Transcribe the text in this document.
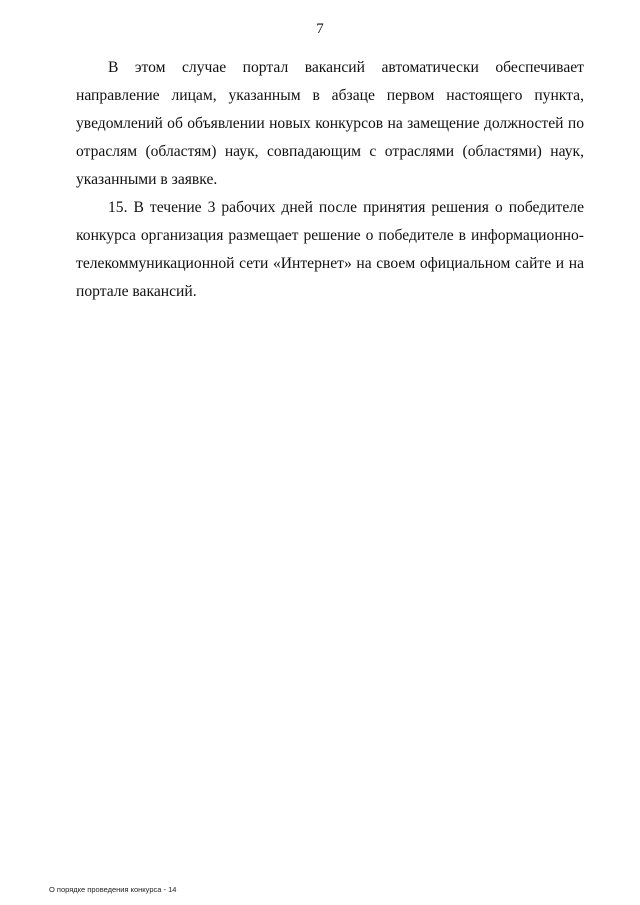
7

В этом случае портал вакансий автоматически обеспечивает направление лицам, указанным в абзаце первом настоящего пункта, уведомлений об объявлении новых конкурсов на замещение должностей по отраслям (областям) наук, совпадающим с отраслями (областями) наук, указанными в заявке.

15. В течение 3 рабочих дней после принятия решения о победителе конкурса организация размещает решение о победителе в информационно-телекоммуникационной сети «Интернет» на своем официальном сайте и на портале вакансий.

О порядке проведения конкурса - 14
